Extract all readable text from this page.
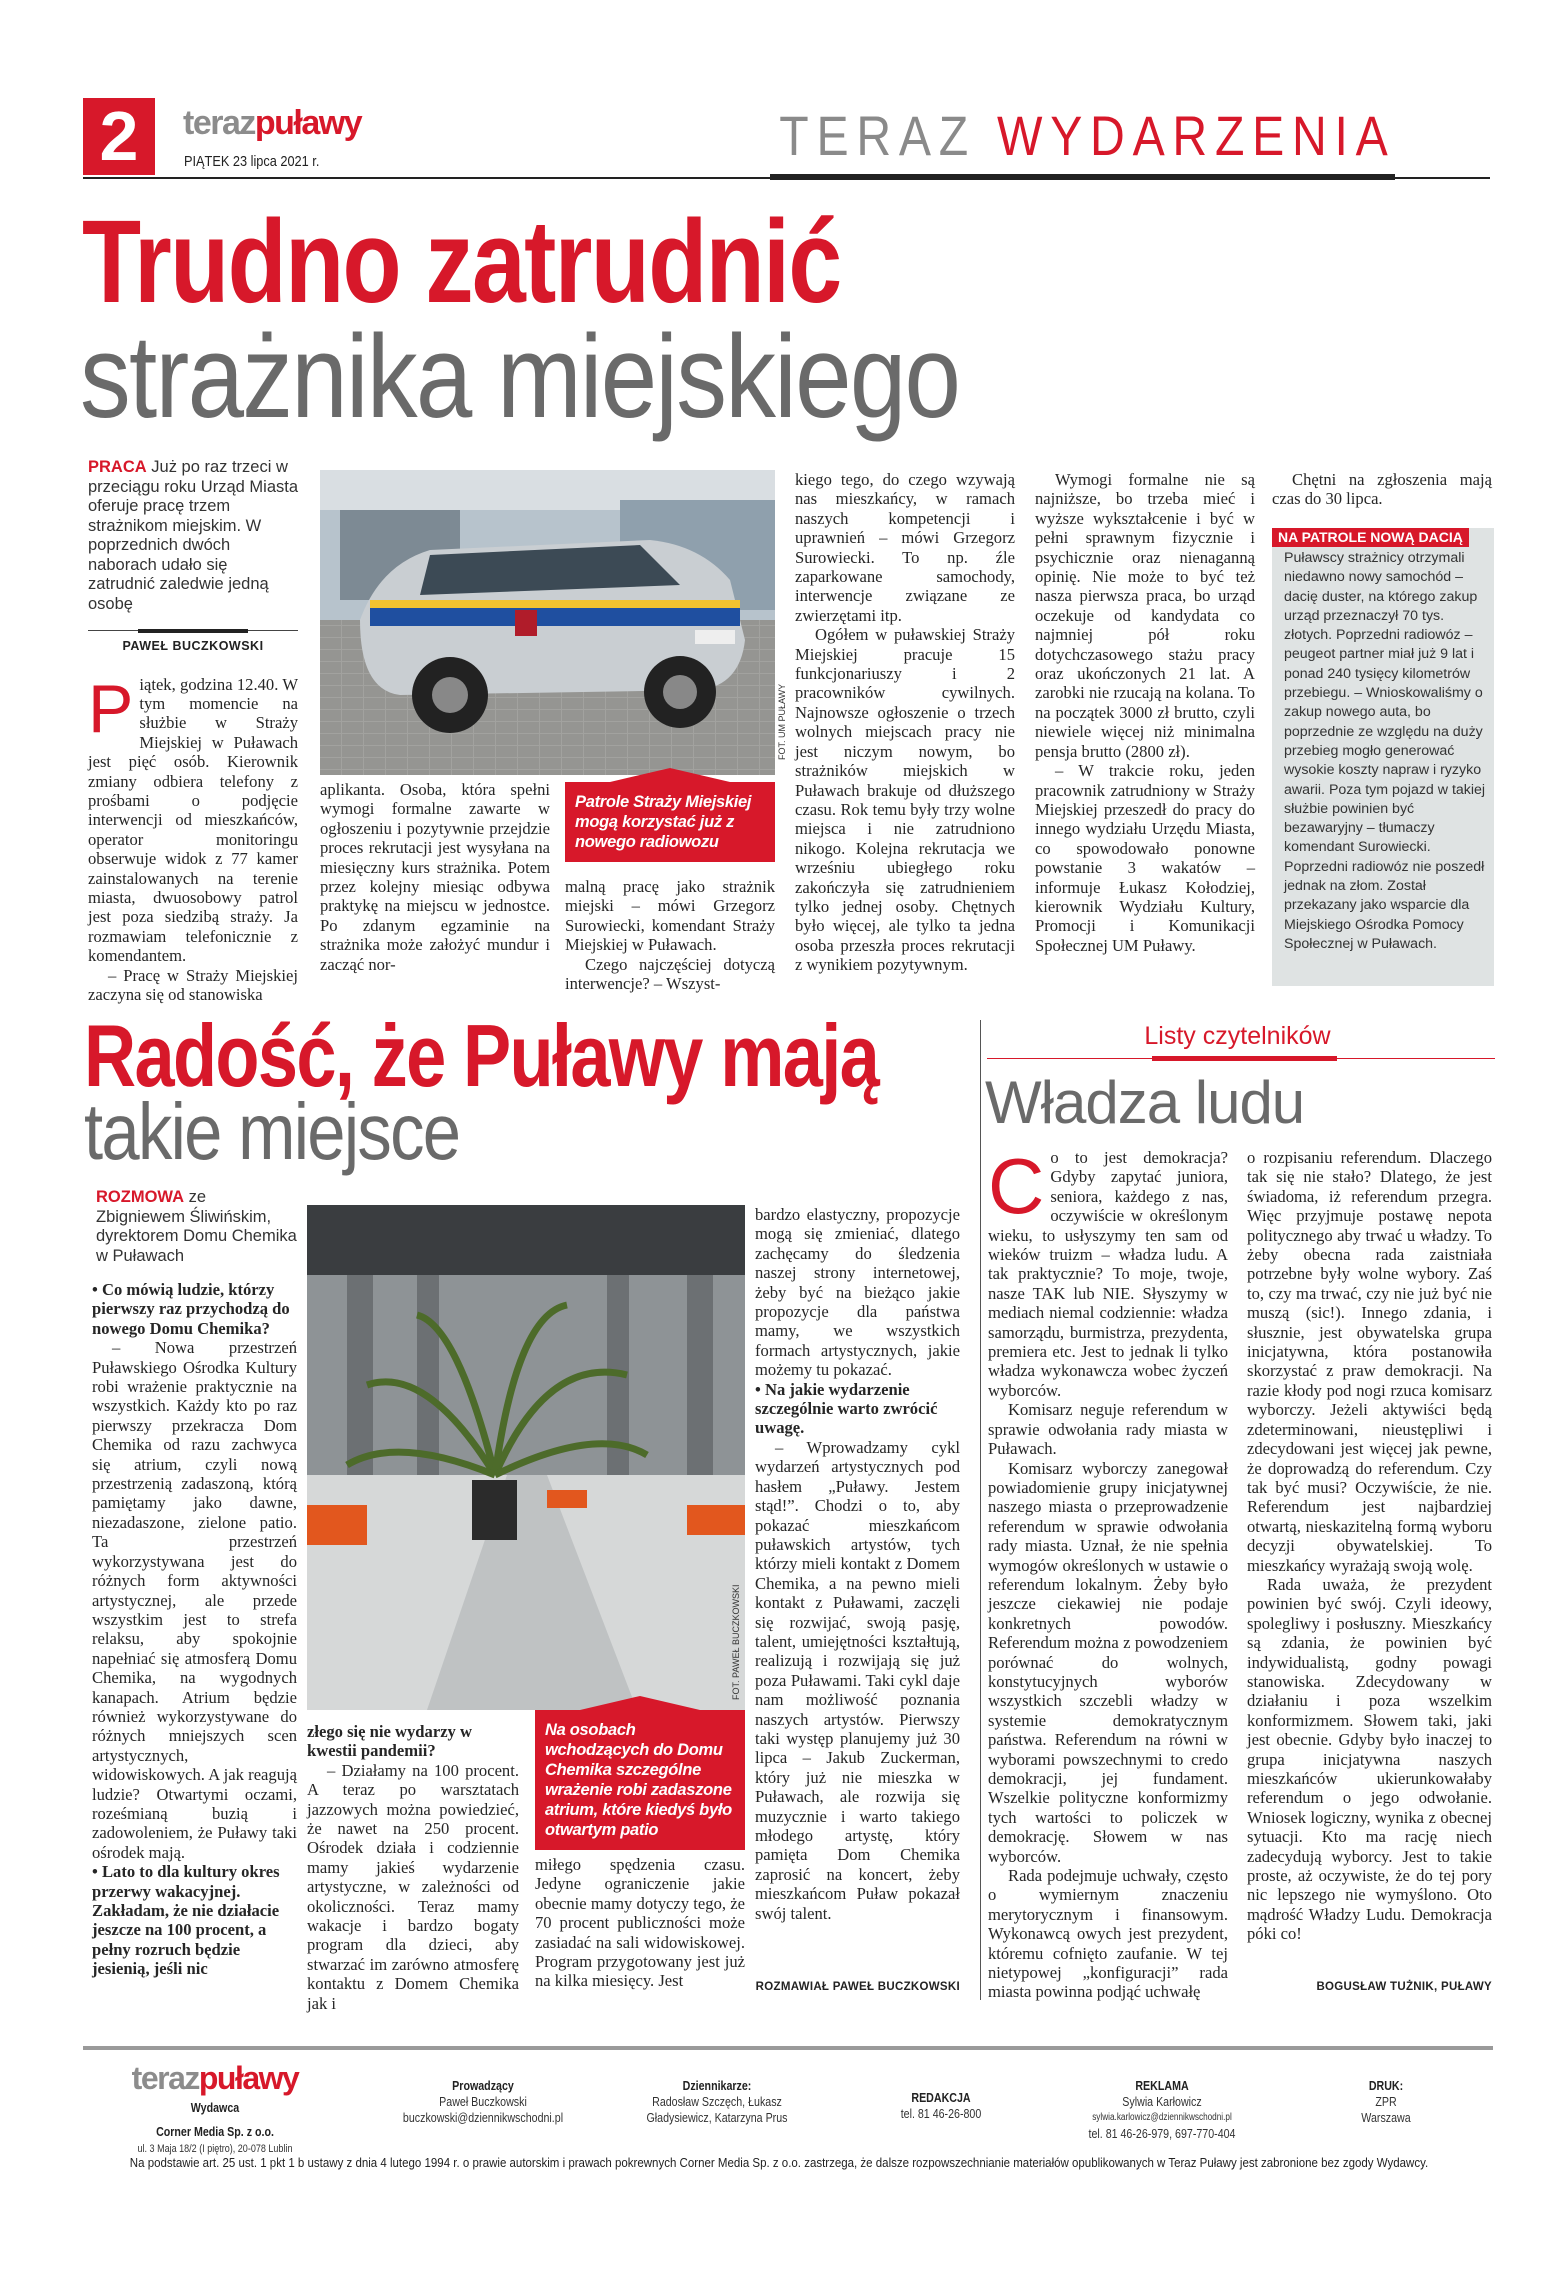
2	terazpuławy
PIĄTEK 23 lipca 2021 r.	TERAZ WYDARZENIA
Trudno zatrudnić
strażnika miejskiego
PRACA Już po raz trzeci w przeciągu roku Urząd Miasta oferuje pracę trzem strażnikom miejskim. W poprzednich dwóch naborach udało się zatrudnić zaledwie jedną osobę
PAWEŁ BUCZKOWSKI

Piątek, godzina 12.40. W tym momencie na służbie w Straży Miejskiej w Puławach jest pięć osób. Kierownik zmiany odbiera telefony z prośbami o podjęcie interwencji od mieszkańców, operator monitoringu obserwuje widok z 77 kamer zainstalowanych na terenie miasta, dwuosobowy patrol jest poza siedzibą straży. Ja rozmawiam telefonicznie z komendantem.

– Pracę w Straży Miejskiej zaczyna się od stanowiska

FOT. UM PUŁAWY
Patrole Straży Miejskiej mogą korzystać już z nowego radiowozu

aplikanta. Osoba, która spełni wymogi formalne zawarte w ogłoszeniu i pozytywnie przejdzie proces rekrutacji jest wysyłana na miesięczny kurs strażnika. Potem przez kolejny miesiąc odbywa praktykę na miejscu w jednostce. Po zdanym egzaminie na strażnika może założyć mundur i zacząć nor-

malną pracę jako strażnik miejski – mówi Grzegorz Surowiecki, komendant Straży Miejskiej w Puławach.

Czego najczęściej dotyczą interwencje? – Wszyst-

kiego tego, do czego wzywają nas mieszkańcy, w ramach naszych kompetencji i uprawnień – mówi Grzegorz Surowiecki. To np. źle zaparkowane samochody, interwencje związane ze zwierzętami itp.

Ogółem w puławskiej Straży Miejskiej pracuje 15 funkcjonariuszy i 2 pracowników cywilnych. Najnowsze ogłoszenie o trzech wolnych miejscach pracy nie jest niczym nowym, bo strażników miejskich w Puławach brakuje od dłuższego czasu. Rok temu były trzy wolne miejsca i nie zatrudniono nikogo. Kolejna rekrutacja we wrześniu ubiegłego roku zakończyła się zatrudnieniem tylko jednej osoby. Chętnych było więcej, ale tylko ta jedna osoba przeszła proces rekrutacji z wynikiem pozytywnym.

Wymogi formalne nie są najniższe, bo trzeba mieć i wyższe wykształcenie i być w pełni sprawnym fizycznie i psychicznie oraz nienaganną opinię. Nie może to być też nasza pierwsza praca, bo urząd oczekuje od kandydata co najmniej pół roku dotychczasowego stażu pracy oraz ukończonych 21 lat. A zarobki nie rzucają na kolana. To na początek 3000 zł brutto, czyli niewiele więcej niż minimalna pensja brutto (2800 zł).

– W trakcie roku, jeden pracownik zatrudniony w Straży Miejskiej przeszedł do pracy do innego wydziału Urzędu Miasta, co spowodowało ponowne powstanie 3 wakatów – informuje Łukasz Kołodziej, kierownik Wydziału Kultury, Promocji i Komunikacji Społecznej UM Puławy.

Chętni na zgłoszenia mają czas do 30 lipca.

NA PATROLE NOWĄ DACIĄ
Puławscy strażnicy otrzymali niedawno nowy samochód – dacię duster, na którego zakup urząd przeznaczył 70 tys. złotych. Poprzedni radiowóz – peugeot partner miał już 9 lat i ponad 240 tysięcy kilometrów przebiegu. – Wnioskowaliśmy o zakup nowego auta, bo poprzednie ze względu na duży przebieg mogło generować wysokie koszty napraw i ryzyko awarii. Poza tym pojazd w takiej służbie powinien być bezawaryjny – tłumaczy komendant Surowiecki. Poprzedni radiowóz nie poszedł jednak na złom. Został przekazany jako wsparcie dla Miejskiego Ośrodka Pomocy Społecznej w Puławach.
Radość, że Puławy mają
takie miejsce
ROZMOWA ze Zbigniewem Śliwińskim, dyrektorem Domu Chemika w Puławach

• Co mówią ludzie, którzy pierwszy raz przychodzą do nowego Domu Chemika?

– Nowa przestrzeń Puławskiego Ośrodka Kultury robi wrażenie praktycznie na wszystkich. Każdy kto po raz pierwszy przekracza Dom Chemika od razu zachwyca się atrium, czyli nową przestrzenią zadaszoną, którą pamiętamy jako dawne, niezadaszone, zielone patio. Ta przestrzeń wykorzystywana jest do różnych form aktywności artystycznej, ale przede wszystkim jest to strefa relaksu, aby spokojnie napełniać się atmosferą Domu Chemika, na wygodnych kanapach. Atrium będzie również wykorzystywane do różnych mniejszych scen artystycznych, widowiskowych. A jak reagują ludzie? Otwartymi oczami, roześmianą buzią i zadowoleniem, że Puławy taki ośrodek mają.

• Lato to dla kultury okres przerwy wakacyjnej. Zakładam, że nie działacie jeszcze na 100 procent, a pełny rozruch będzie jesienią, jeśli nic

FOT. PAWEŁ BUCZKOWSKI
Na osobach wchodzących do Domu Chemika szczególne wrażenie robi zadaszone atrium, które kiedyś było otwartym patio

złego się nie wydarzy w kwestii pandemii?

– Działamy na 100 procent. A teraz po warsztatach jazzowych można powiedzieć, że nawet na 250 procent. Ośrodek działa i codziennie mamy jakieś wydarzenie artystyczne, w zależności od okoliczności. Teraz mamy wakacje i bardzo bogaty program dla dzieci, aby stwarzać im zarówno atmosferę kontaktu z Domem Chemika jak i

miłego spędzenia czasu. Jedyne ograniczenie jakie obecnie mamy dotyczy tego, że 70 procent publiczności może zasiadać na sali widowiskowej. Program przygotowany jest już na kilka miesięcy. Jest

bardzo elastyczny, propozycje mogą się zmieniać, dlatego zachęcamy do śledzenia naszej strony internetowej, żeby być na bieżąco jakie propozycje dla państwa mamy, we wszystkich formach artystycznych, jakie możemy tu pokazać.

• Na jakie wydarzenie szczególnie warto zwrócić uwagę.

– Wprowadzamy cykl wydarzeń artystycznych pod hasłem „Puławy. Jestem stąd!”. Chodzi o to, aby pokazać mieszkańcom puławskich artystów, tych którzy mieli kontakt z Domem Chemika, a na pewno mieli kontakt z Puławami, zaczęli się rozwijać, swoją pasję, talent, umiejętności kształtują, realizują i rozwijają się już poza Puławami. Taki cykl daje nam możliwość poznania naszych artystów. Pierwszy taki występ planujemy już 30 lipca – Jakub Zuckerman, który już nie mieszka w Puławach, ale rozwija się muzycznie i warto takiego młodego artystę, który pamięta Dom Chemika zaprosić na koncert, żeby mieszkańcom Puław pokazał swój talent.

ROZMAWIAŁ PAWEŁ BUCZKOWSKI
Listy czytelników
Władza ludu

Co to jest demokracja? Gdyby zapytać juniora, seniora, każdego z nas, oczywiście w określonym wieku, to usłyszymy ten sam od wieków truizm – władza ludu. A tak praktycznie? To moje, twoje, nasze TAK lub NIE. Słyszymy w mediach niemal codziennie: władza samorządu, burmistrza, prezydenta, premiera etc. Jest to jednak li tylko władza wykonawcza wobec życzeń wyborców.

Komisarz neguje referendum w sprawie odwołania rady miasta w Puławach.

Komisarz wyborczy zanegował powiadomienie grupy inicjatywnej naszego miasta o przeprowadzenie referendum w sprawie odwołania rady miasta. Uznał, że nie spełnia wymogów określonych w ustawie o referendum lokalnym. Żeby było jeszcze ciekawiej nie podaje konkretnych powodów. Referendum można z powodzeniem porównać do wolnych, konstytucyjnych wyborów wszystkich szczebli władzy w systemie demokratycznym państwa. Referendum na równi w wyborami powszechnymi to credo demokracji, jej fundament. Wszelkie polityczne konformizmy tych wartości to policzek w demokrację. Słowem w nas wyborców.

Rada podejmuje uchwały, często o wymiernym znaczeniu merytorycznym i finansowym. Wykonawcą owych jest prezydent, któremu cofnięto zaufanie. W tej nietypowej „konfiguracji” rada miasta powinna podjąć uchwałę

o rozpisaniu referendum. Dlaczego tak się nie stało? Dlatego, że jest świadoma, iż referendum przegra. Więc przyjmuje postawę nepota politycznego aby trwać u władzy. To żeby obecna rada zaistniała potrzebne były wolne wybory. Zaś to, czy ma trwać, czy nie już być nie muszą (sic!). Innego zdania, i słusznie, jest obywatelska grupa inicjatywna, która postanowiła skorzystać z praw demokracji. Na razie kłody pod nogi rzuca komisarz wyborczy. Jeżeli aktywiści będą zdeterminowani, nieustępliwi i zdecydowani jest więcej jak pewne, że doprowadzą do referendum. Czy tak być musi? Oczywiście, że nie. Referendum jest najbardziej otwartą, nieskazitelną formą wyboru decyzji obywatelskiej. To mieszkańcy wyrażają swoją wolę.

Rada uważa, że prezydent powinien być swój. Czyli ideowy, spolegliwy i posłuszny. Mieszkańcy są zdania, że powinien być indywidualistą, godny powagi stanowiska. Zdecydowany w działaniu i poza wszelkim konformizmem. Słowem taki, jaki jest obecnie. Gdyby było inaczej to grupa inicjatywna naszych mieszkańców ukierunkowałaby referendum o jego odwołanie. Wniosek logiczny, wynika z obecnej sytuacji. Kto ma rację niech zadecydują wyborcy. Jest to takie proste, aż oczywiste, że do tej pory nic lepszego nie wymyślono. Oto mądrość Władzy Ludu. Demokracja póki co!

BOGUSŁAW TUŻNIK, PUŁAWY
terazpuławy
Wydawca
Corner Media Sp. z o.o.
ul. 3 Maja 18/2 (I piętro), 20-078 Lublin
Prowadzący
Paweł Buczkowski
buczkowski@dziennikwschodni.pl
Dziennikarze:
Radosław Szczęch, Łukasz Gładysiewicz, Katarzyna Prus
REDAKCJA
tel. 81 46-26-800
REKLAMA
Sylwia Karłowicz
sylwia.karlowicz@dziennikwschodni.pl
tel. 81 46-26-979, 697-770-404
DRUK:
ZPR
Warszawa
Na podstawie art. 25 ust. 1 pkt 1 b ustawy z dnia 4 lutego 1994 r. o prawie autorskim i prawach pokrewnych Corner Media Sp. z o.o. zastrzega, że dalsze rozpowszechnianie materiałów opublikowanych w Teraz Puławy jest zabronione bez zgody Wydawcy.
